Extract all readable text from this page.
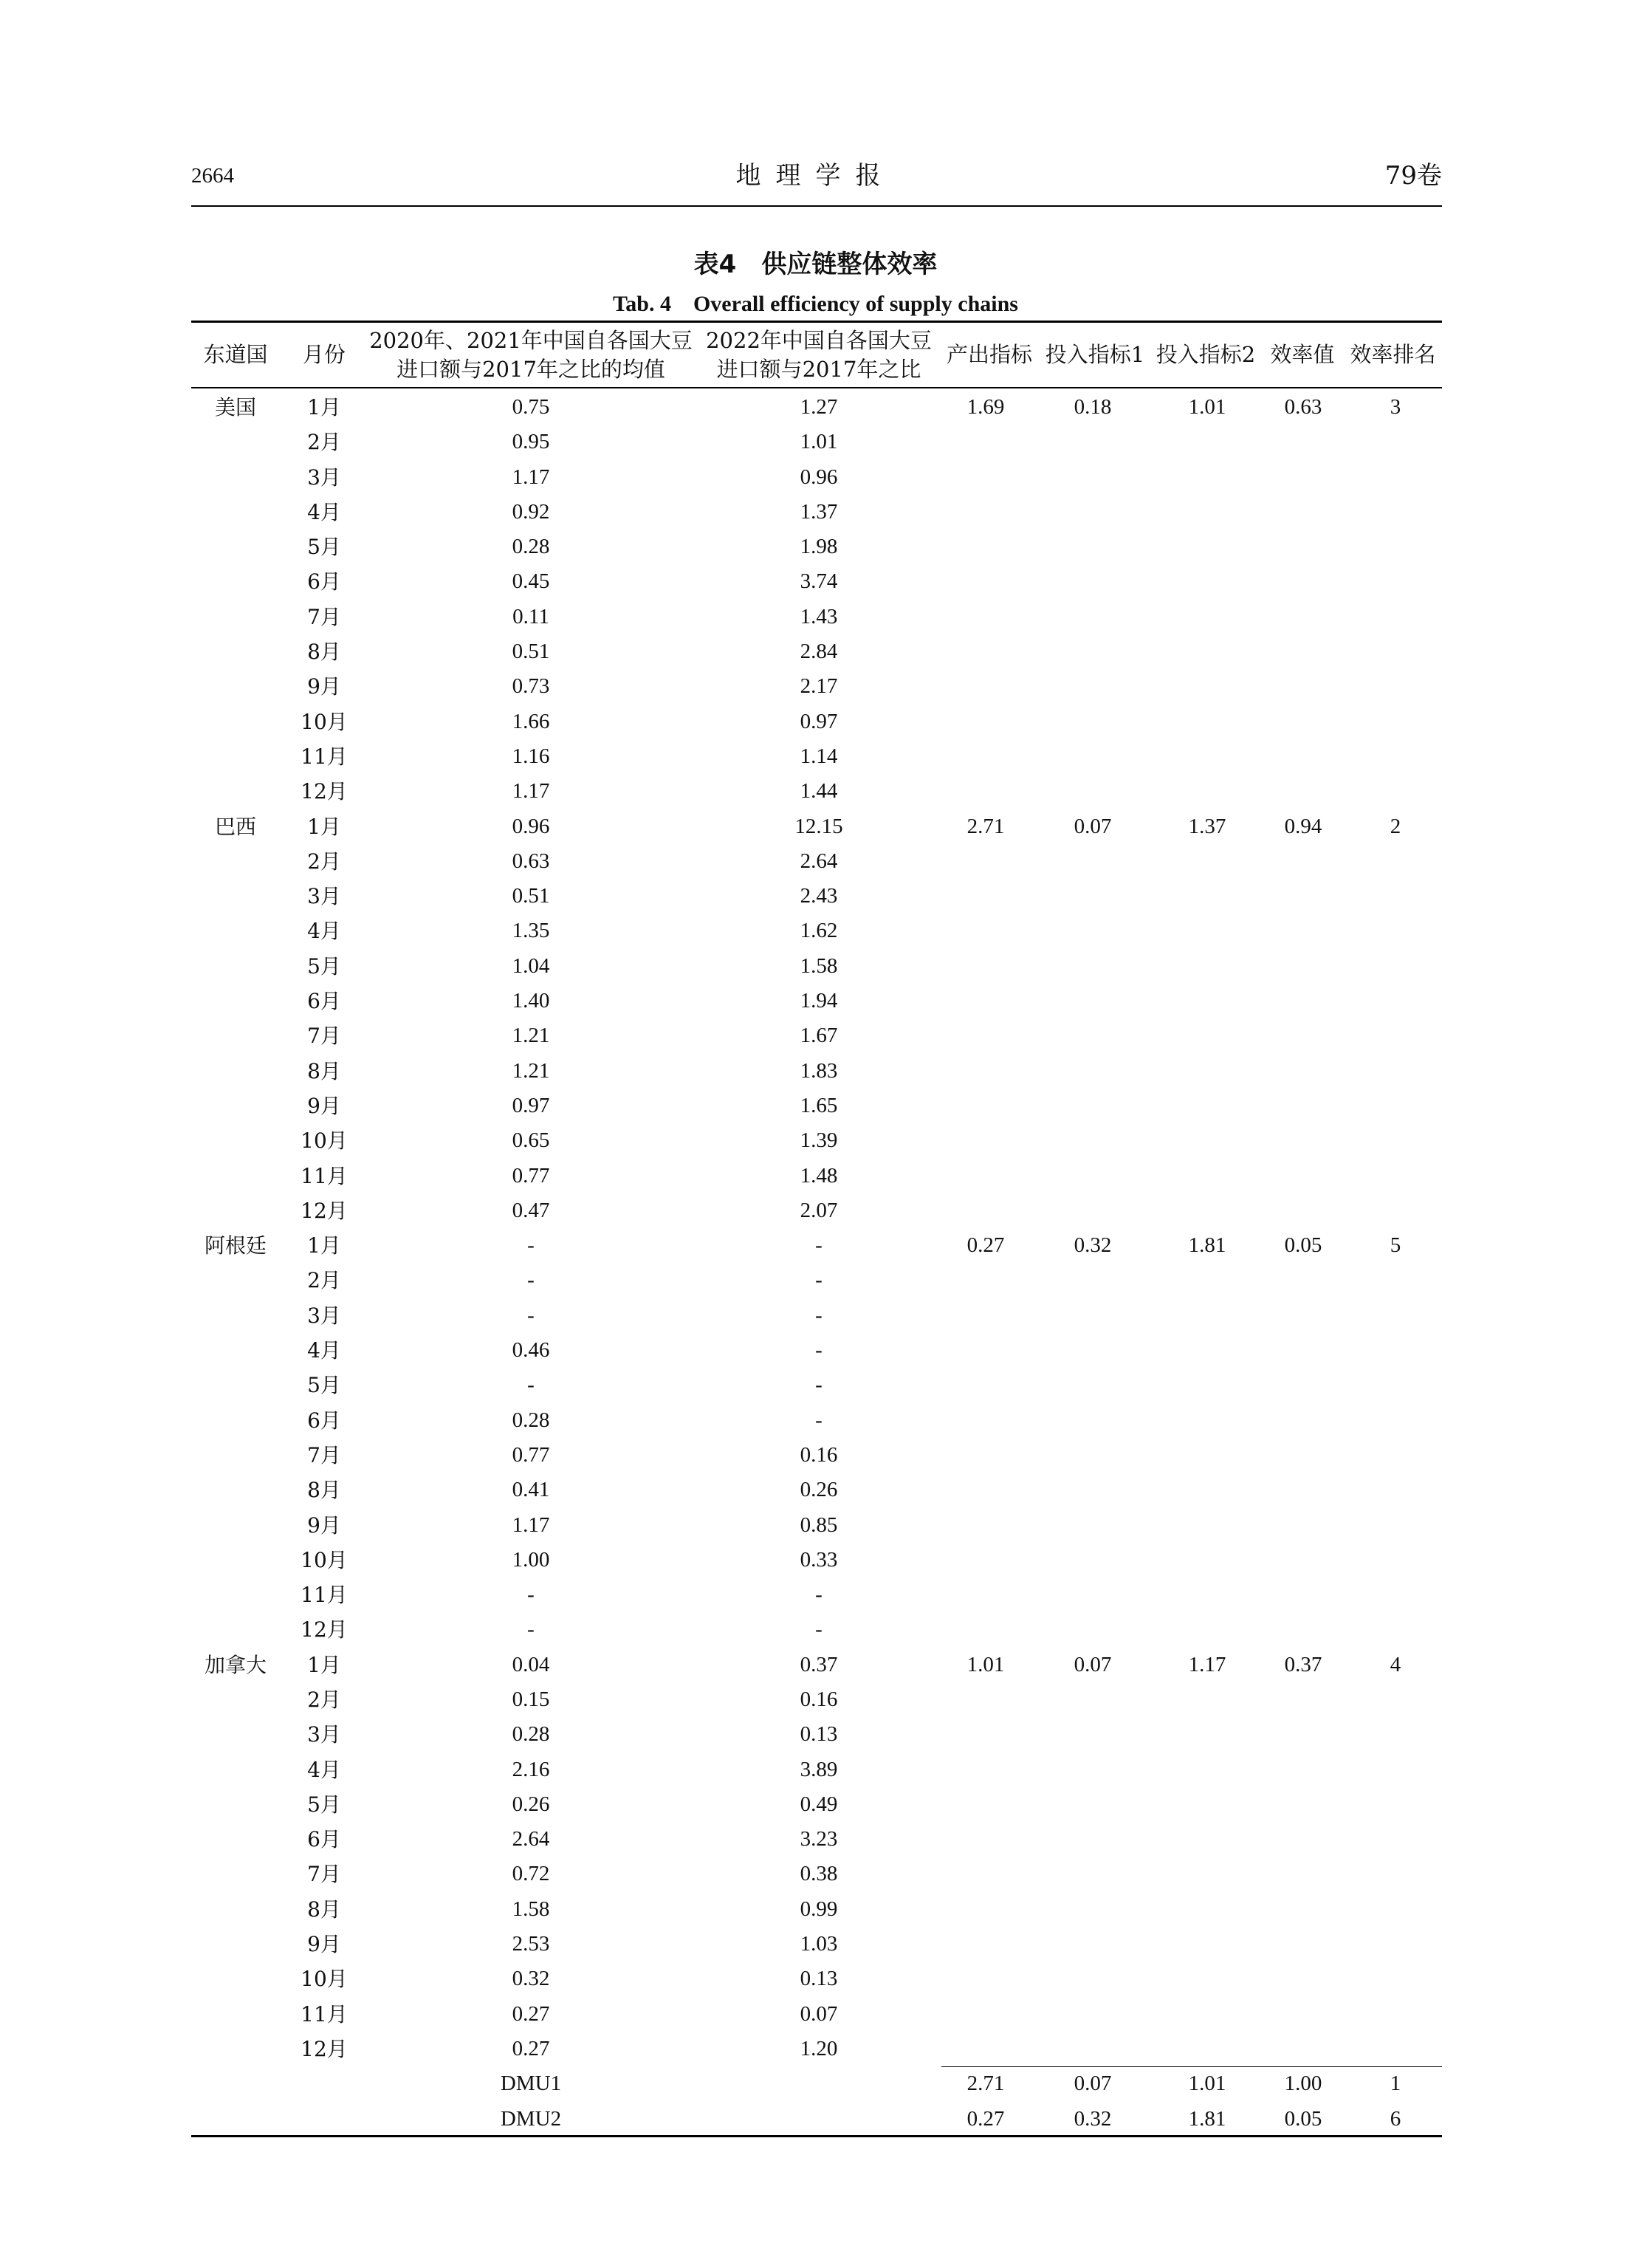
2664	地理学报	79卷
表4　供应链整体效率
Tab. 4　Overall efficiency of supply chains
东道国	月份
2020年、2021年中国自各国大豆
进口额与2017年之比的均值
2022年中国自各国大豆
进口额与2017年之比
产出指标 投入指标1 投入指标2 效率值 效率排名
美国	1月	0.75	1.27	1.69	0.18	1.01	0.63	3
2月	0.95	1.01
3月	1.17	0.96
4月	0.92	1.37
5月	0.28	1.98
6月	0.45	3.74
7月	0.11	1.43
8月	0.51	2.84
9月	0.73	2.17
10月	1.66	0.97
11月	1.16	1.14
12月	1.17	1.44
巴西	1月	0.96	12.15	2.71	0.07	1.37	0.94	2
2月	0.63	2.64
3月	0.51	2.43
4月	1.35	1.62
5月	1.04	1.58
6月	1.40	1.94
7月	1.21	1.67
8月	1.21	1.83
9月	0.97	1.65
10月	0.65	1.39
11月	0.77	1.48
12月	0.47	2.07
阿根廷	1月	-	-	0.27	0.32	1.81	0.05	5
2月	-	-
3月	-	-
4月	0.46	-
5月	-	-
6月	0.28	-
7月	0.77	0.16
8月	0.41	0.26
9月	1.17	0.85
10月	1.00	0.33
11月	-	-
12月	-	-
加拿大	1月	0.04	0.37	1.01	0.07	1.17	0.37	4
2月	0.15	0.16
3月	0.28	0.13
4月	2.16	3.89
5月	0.26	0.49
6月	2.64	3.23
7月	0.72	0.38
8月	1.58	0.99
9月	2.53	1.03
10月	0.32	0.13
11月	0.27	0.07
12月	0.27	1.20
DMU1	2.71	0.07	1.01	1.00	1
DMU2	0.27	0.32	1.81	0.05	6
